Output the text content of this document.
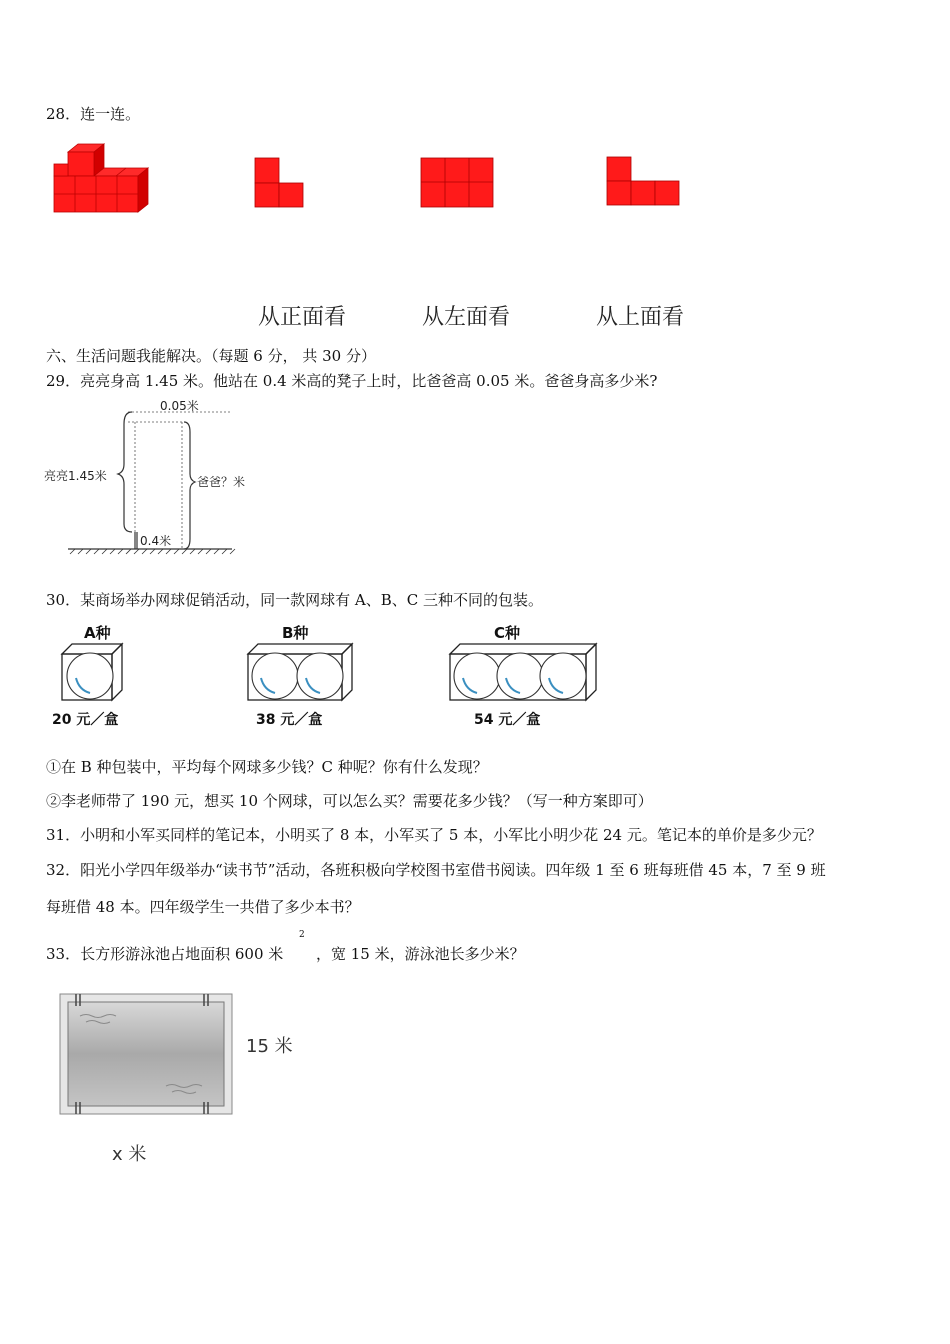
28．连一连。
从正面看	从左面看	从上面看
六、生活问题我能解决。（每题 6 分， 共 30 分）
29．亮亮身高 1.45 米。他站在 0.4 米高的凳子上时，比爸爸高 0.05 米。爸爸身高多少米?
0.05米
亮亮1.45米	爸爸？米
0.4米
30．某商场举办网球促销活动，同一款网球有 A、B、C 三种不同的包装。
A种
20 元／盒
B种
38 元／盒
C种
54 元／盒
①在 B 种包装中，平均每个网球多少钱？C 种呢？你有什么发现？
②李老师带了 190 元，想买 10 个网球，可以怎么买？需要花多少钱？（写一种方案即可）
31．小明和小军买同样的笔记本，小明买了 8 本，小军买了 5 本，小军比小明少花 24 元。笔记本的单价是多少元？
32．阳光小学四年级举办“读书节”活动，各班积极向学校图书室借书阅读。四年级 1 至 6 班每班借 45 本，7 至 9 班
每班借 48 本。四年级学生一共借了多少本书？
33．长方形游泳池占地面积 600 米
2
，宽 15 米，游泳池长多少米？
15 米
x 米
